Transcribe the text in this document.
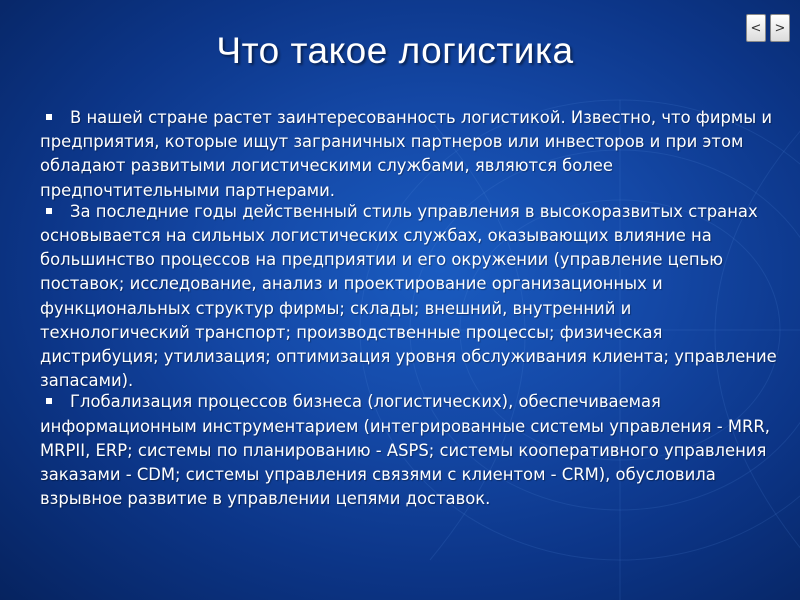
<	>
Что такое логистика

В нашей стране растет заинтересованность логистикой. Известно, что фирмы и предприятия, которые ищут заграничных партнеров или инвесторов и при этом обладают развитыми логистическими службами, являются более предпочтительными партнерами.

За последние годы действенный стиль управления в высокоразвитых странах основывается на сильных логистических службах, оказывающих влияние на большинство процессов на предприятии и его окружении (управление цепью поставок; исследование, анализ и проектирование организационных и функциональных структур фирмы; склады; внешний, внутренний и технологический транспорт; производственные процессы; физическая дистрибуция; утилизация; оптимизация уровня обслуживания клиента; управление запасами).

Глобализация процессов бизнеса (логистических), обеспечиваемая информационным инструментарием (интегрированные системы управления - MRR, MRPII, ERP; системы по планированию - ASPS; системы кооперативного управления заказами - CDM; системы управления связями с клиентом - CRM), обусловила взрывное развитие в управлении цепями доставок.
